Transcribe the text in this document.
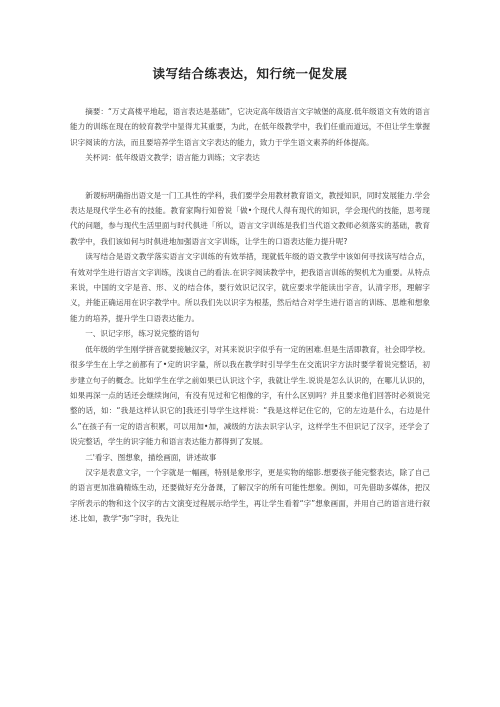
读写结合练表达，知行统一促发展

摘要：“万丈高楼平地起，语言表达是基础”，它决定高年级语言文字城堡的高度.低年级语文有效的语言能力的训练在现在的较育教学中显得尤其重要，为此，在低年级教学中，我们任重而道远，不但让学生掌握识字阅读的方法，而且要培养学生语言文字表达的能力，致力于学生语文素养的纤体提高。

关杯词：低年级语文教学；语言能力训练；文字表达

新谡标明确指出语文是一门工具性的学科，我们要学会用教材教育语文，教授知识，同时发展能力.学会表达是现代学生必有的技能。教育家陶行知曾说「做•个现代人得有现代的知识，学会现代的技能，思考现代的问题，参与现代生活里面与时代俱进「所以，语言文字训练是我们当代语文教师必须落实的基础，教育教学中，我们该如何与时俱进地加强语言文字训练，让学生的口语表达能力提升呢?

读写结合是语文教学落实语言文字训练的有效举措，现就低年级的语文教学中该如何寻找读写结合点，有效对学生进行语言文字训练，浅谈自己的看法.在识字阅读教学中，把我语言训练的契机尤为重要。从特点来说，中国的文字是音、形、义的结合体，要行效识记汉字，就应要求学能读出字音，认清字形，理解字义，并能正确运用在识字教学中。所以我们先以识字为根基，然后结合对学生进行语言的训练、思维和想象能力的培养，提升学生口语表达能力。

一、识记字形，练习说完整的语句

低年级的学生刚学拼音就要接触汉字，对其来说识字似乎有一定的困难.但是生活即教育，社会即学校。很多学生在上学之前都有了•定的识字量，所以我在教学时引导学生在交流识字方法时要学着说完整话，初步建立句子的概念。比如学生在学之前如果已认识这个字，我就让学生.说说是怎么认识的，在哪儿认识的，如果再深一点的话还会继续询问，有没有见过和它相像的字，有什么区别吗？并且要求他们回答时必须说完整的话，如：“我是这样认识它的]我还引导学生这样说：“我是这样记住它的，它的左边是什么，右边是什么”在孩子有一定的语言积累，可以用加•加，减级的方法去识字认字，这样学生不但识记了汉字，还学会了说完整话，学生的识字能力和语言表达能力都得到了发展。

二'看字、图想象，描绘画面，讲述故事

汉字是表意文字，一个字就是一幅画，特别是象形字，更是实物的缩影.想要孩子能完整表达，除了自己的语言更加准确精炼生动，还要做好充分备课，了解汉字的所有可能性想象。例如，可先借助多媒体，把汉字所表示的物和这个汉字的古文演变过程展示给学生，再让学生看着“字”想象画面，并用自己的语言进行叙述.比如，教学“弥”字时，我先让
